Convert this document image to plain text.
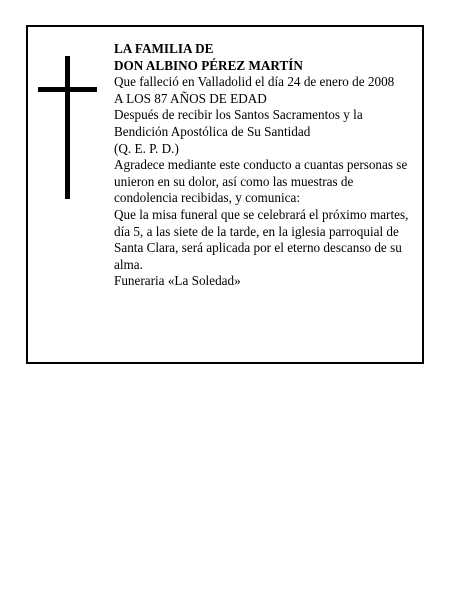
LA FAMILIA DE

DON ALBINO PÉREZ MARTÍN

Que falleció en Valladolid el día 24 de enero de 2008

A LOS 87 AÑOS DE EDAD

Después de recibir los Santos Sacramentos y la Bendición Apostólica de Su Santidad

(Q. E. P. D.)

Agradece mediante este conducto a cuantas personas se unieron en su dolor, así como las muestras de condolencia recibidas, y comunica:

Que la misa funeral que se celebrará el próximo martes, día 5, a las siete de la tarde, en la iglesia parroquial de Santa Clara, será aplicada por el eterno descanso de su alma.

Funeraria «La Soledad»
